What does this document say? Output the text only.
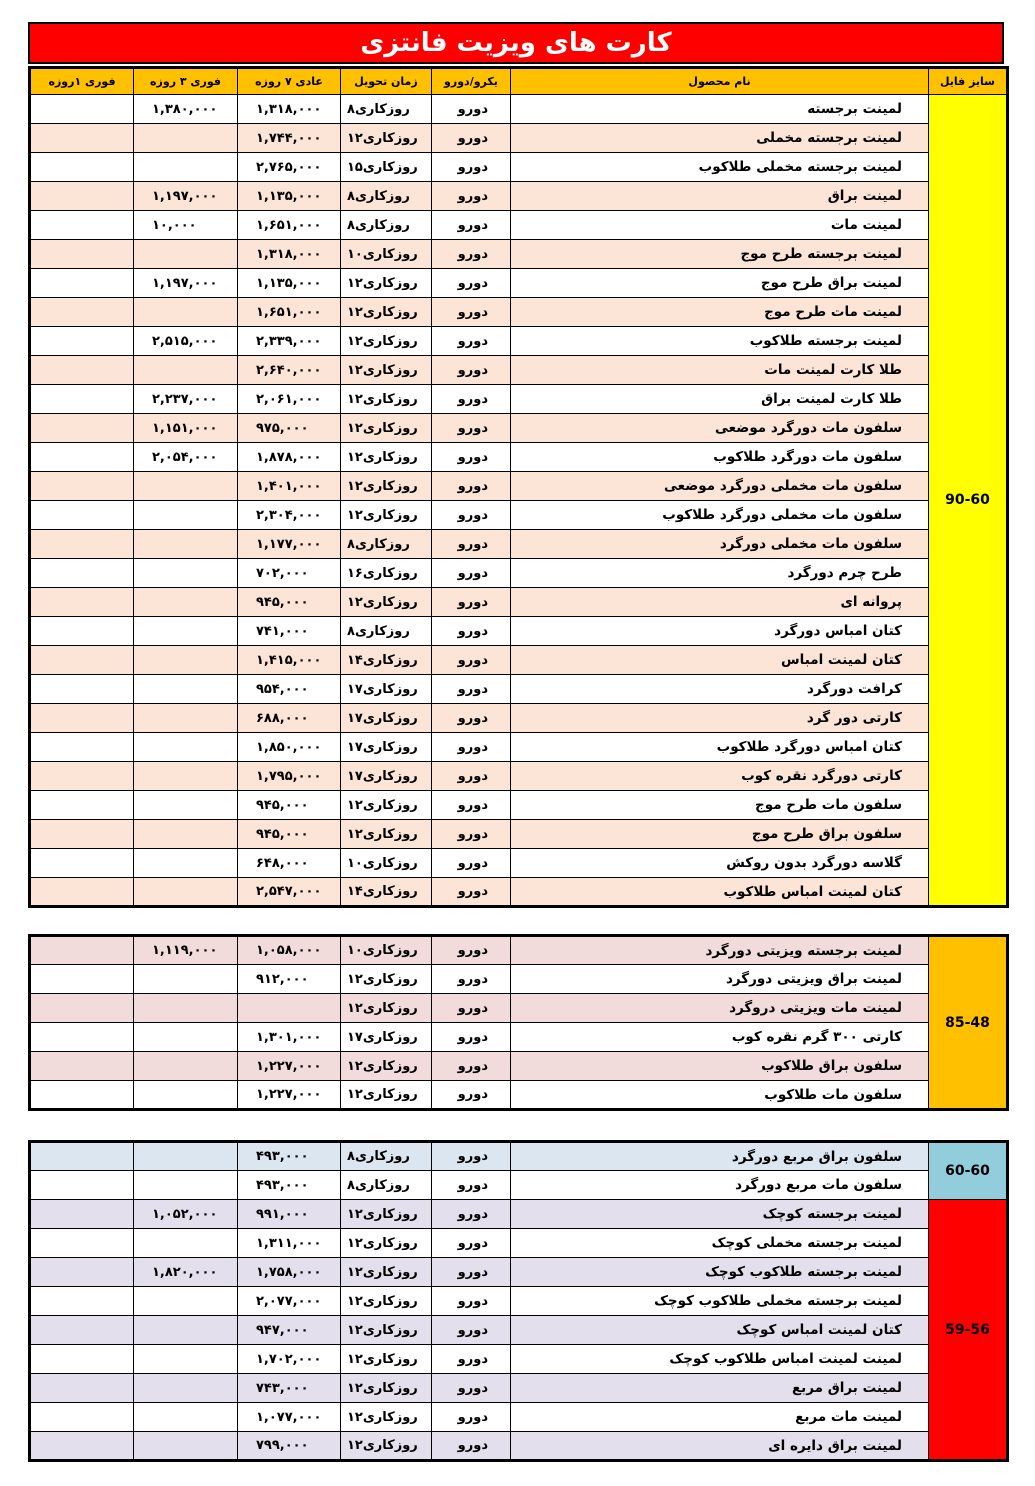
کارت های ویزیت فانتزی
فوری ۱روزه	فوری ۳ روزه	عادی ۷ روزه	زمان تحویل	یکرو/دورو	نام محصول	سایز فایل
	۱,۳۸۰,۰۰۰	۱,۳۱۸,۰۰۰	۸روزکاری	دورو	لمینت برجسته	90-60
		۱,۷۴۴,۰۰۰	۱۲روزکاری	دورو	لمینت برجسته مخملی	
		۲,۷۶۵,۰۰۰	۱۵روزکاری	دورو	لمینت برجسته مخملی طلاکوب	
	۱,۱۹۷,۰۰۰	۱,۱۳۵,۰۰۰	۸روزکاری	دورو	لمینت براق	
	۱۰,۰۰۰	۱,۶۵۱,۰۰۰	۸روزکاری	دورو	لمینت مات	
		۱,۳۱۸,۰۰۰	۱۰روزکاری	دورو	لمینت برجسته طرح موج	
	۱,۱۹۷,۰۰۰	۱,۱۳۵,۰۰۰	۱۲روزکاری	دورو	لمینت براق طرح موج	
		۱,۶۵۱,۰۰۰	۱۲روزکاری	دورو	لمینت مات طرح موج	
	۲,۵۱۵,۰۰۰	۲,۳۳۹,۰۰۰	۱۲روزکاری	دورو	لمینت برجسته طلاکوب	
		۲,۶۴۰,۰۰۰	۱۲روزکاری	دورو	طلا کارت لمینت مات	
	۲,۲۳۷,۰۰۰	۲,۰۶۱,۰۰۰	۱۲روزکاری	دورو	طلا کارت لمینت براق	
	۱,۱۵۱,۰۰۰	۹۷۵,۰۰۰	۱۲روزکاری	دورو	سلفون مات دورگرد موضعی	
	۲,۰۵۴,۰۰۰	۱,۸۷۸,۰۰۰	۱۲روزکاری	دورو	سلفون مات دورگرد طلاکوب	
		۱,۴۰۱,۰۰۰	۱۲روزکاری	دورو	سلفون مات مخملی دورگرد موضعی	
		۲,۳۰۴,۰۰۰	۱۲روزکاری	دورو	سلفون مات مخملی دورگرد طلاکوب	
		۱,۱۷۷,۰۰۰	۸روزکاری	دورو	سلفون مات مخملی دورگرد	
		۷۰۲,۰۰۰	۱۶روزکاری	دورو	طرح چرم دورگرد	
		۹۴۵,۰۰۰	۱۲روزکاری	دورو	پروانه ای	
		۷۴۱,۰۰۰	۸روزکاری	دورو	کتان امباس دورگرد	
		۱,۴۱۵,۰۰۰	۱۴روزکاری	دورو	کتان لمینت امباس	
		۹۵۴,۰۰۰	۱۷روزکاری	دورو	کرافت دورگرد	
		۶۸۸,۰۰۰	۱۷روزکاری	دورو	کارتی دور گرد	
		۱,۸۵۰,۰۰۰	۱۷روزکاری	دورو	کتان امباس دورگرد طلاکوب	
		۱,۷۹۵,۰۰۰	۱۷روزکاری	دورو	کارتی دورگرد نقره کوب	
		۹۴۵,۰۰۰	۱۲روزکاری	دورو	سلفون مات طرح موج	
		۹۴۵,۰۰۰	۱۲روزکاری	دورو	سلفون براق طرح موج	
		۶۴۸,۰۰۰	۱۰روزکاری	دورو	گلاسه دورگرد بدون روکش	
		۲,۵۴۷,۰۰۰	۱۴روزکاری	دورو	کتان لمینت امباس طلاکوب	
	۱,۱۱۹,۰۰۰	۱,۰۵۸,۰۰۰	۱۰روزکاری	دورو	لمینت برجسته ویزیتی دورگرد	85-48
		۹۱۲,۰۰۰	۱۲روزکاری	دورو	لمینت براق ویزیتی دورگرد	
			۱۲روزکاری	دورو	لمینت مات ویزیتی دروگرد	
		۱,۳۰۱,۰۰۰	۱۷روزکاری	دورو	کارتی ۳۰۰ گرم نقره کوب	
		۱,۲۲۷,۰۰۰	۱۲روزکاری	دورو	سلفون براق طلاکوب	
		۱,۲۲۷,۰۰۰	۱۲روزکاری	دورو	سلفون مات طلاکوب	
		۴۹۳,۰۰۰	۸روزکاری	دورو	سلفون براق مربع دورگرد	60-60
		۴۹۳,۰۰۰	۸روزکاری	دورو	سلفون مات مربع دورگرد	
	۱,۰۵۲,۰۰۰	۹۹۱,۰۰۰	۱۲روزکاری	دورو	لمینت برجسته کوچک	59-56
		۱,۳۱۱,۰۰۰	۱۲روزکاری	دورو	لمینت برجسته مخملی کوچک	
	۱,۸۲۰,۰۰۰	۱,۷۵۸,۰۰۰	۱۲روزکاری	دورو	لمینت برجسته طلاکوب کوچک	
		۲,۰۷۷,۰۰۰	۱۲روزکاری	دورو	لمینت برجسته مخملی طلاکوب کوچک	
		۹۴۷,۰۰۰	۱۲روزکاری	دورو	کتان لمینت امباس کوچک	
		۱,۷۰۲,۰۰۰	۱۲روزکاری	دورو	لمینت لمینت امباس طلاکوب کوچک	
		۷۴۳,۰۰۰	۱۲روزکاری	دورو	لمینت براق مربع	
		۱,۰۷۷,۰۰۰	۱۲روزکاری	دورو	لمینت مات مربع	
		۷۹۹,۰۰۰	۱۲روزکاری	دورو	لمینت براق دایره ای	
